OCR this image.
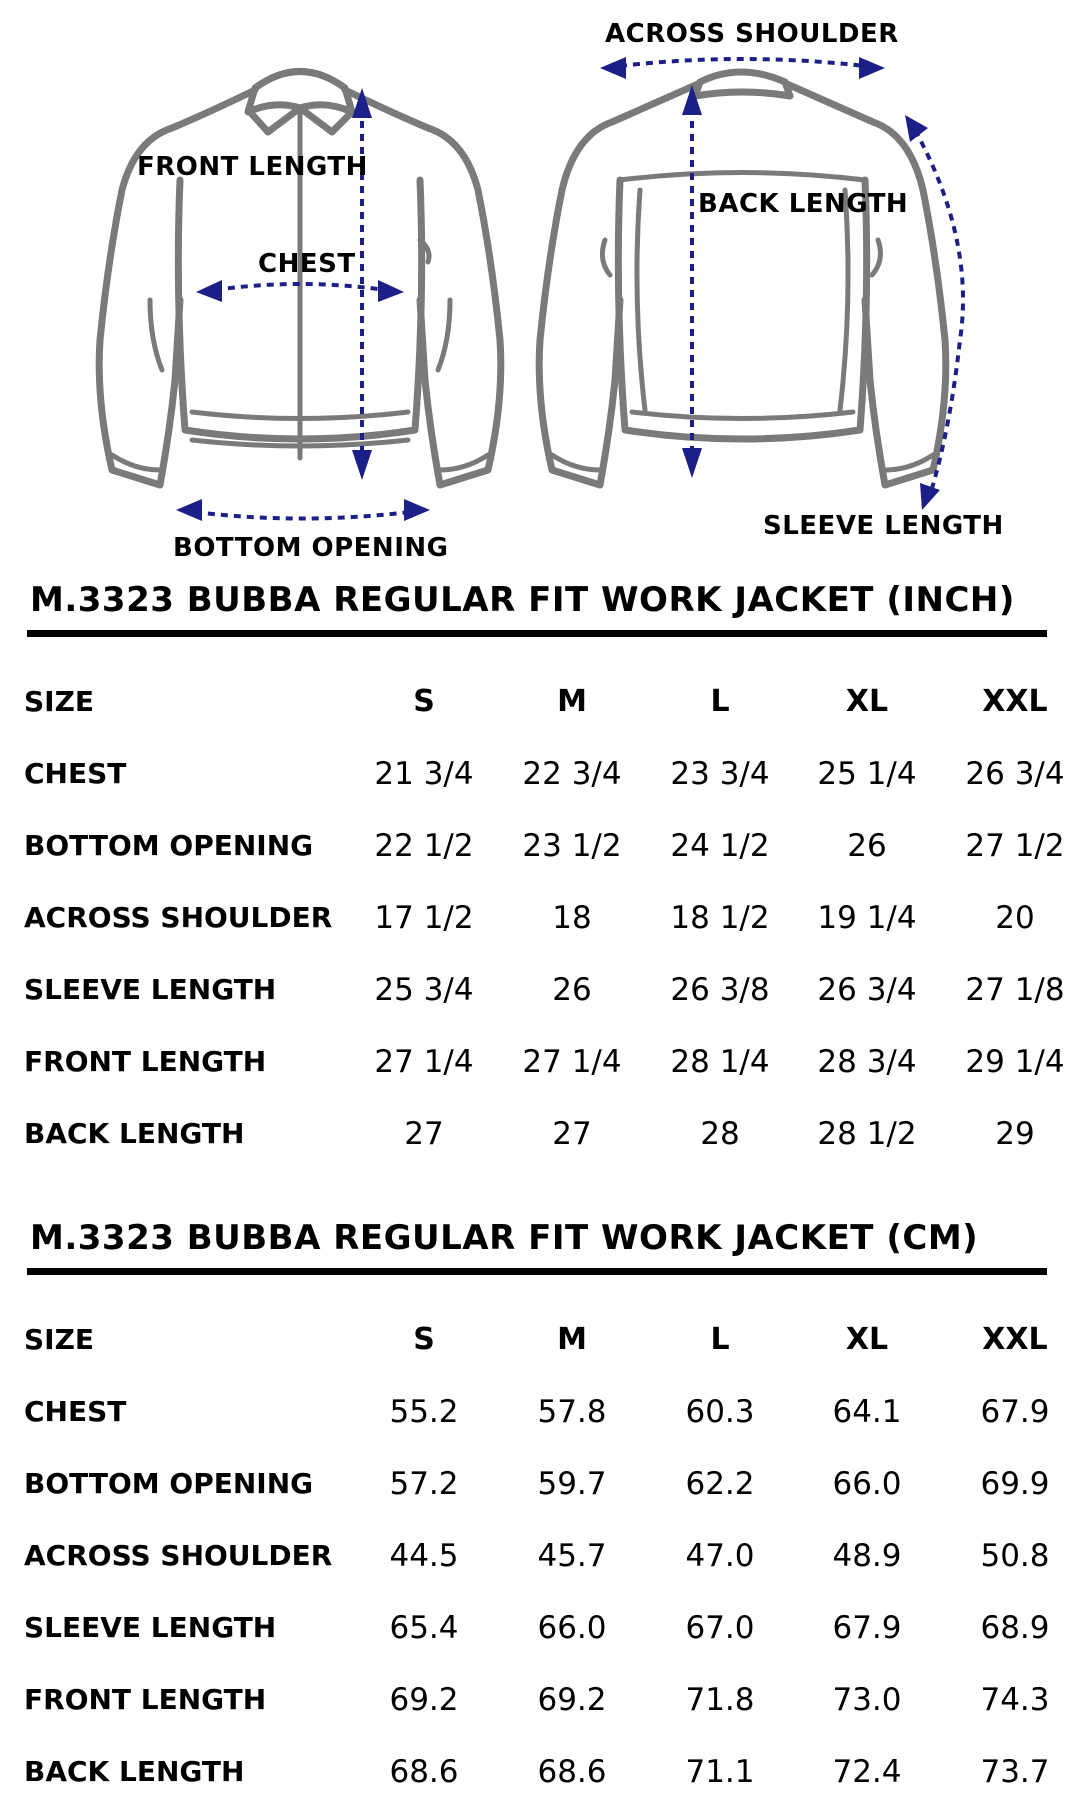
FRONT LENGTH
CHEST
BOTTOM OPENING
ACROSS SHOULDER
BACK LENGTH
SLEEVE LENGTH
M.3323 BUBBA REGULAR FIT WORK JACKET (INCH)
SIZE	S	M	L	XL	XXL
CHEST	21 3/4	22 3/4	23 3/4	25 1/4	26 3/4
BOTTOM OPENING	22 1/2	23 1/2	24 1/2	26	27 1/2
ACROSS SHOULDER	17 1/2	18	18 1/2	19 1/4	20
SLEEVE LENGTH	25 3/4	26	26 3/8	26 3/4	27 1/8
FRONT LENGTH	27 1/4	27 1/4	28 1/4	28 3/4	29 1/4
BACK LENGTH	27	27	28	28 1/2	29
M.3323 BUBBA REGULAR FIT WORK JACKET (CM)
SIZE	S	M	L	XL	XXL
CHEST	55.2	57.8	60.3	64.1	67.9
BOTTOM OPENING	57.2	59.7	62.2	66.0	69.9
ACROSS SHOULDER	44.5	45.7	47.0	48.9	50.8
SLEEVE LENGTH	65.4	66.0	67.0	67.9	68.9
FRONT LENGTH	69.2	69.2	71.8	73.0	74.3
BACK LENGTH	68.6	68.6	71.1	72.4	73.7
